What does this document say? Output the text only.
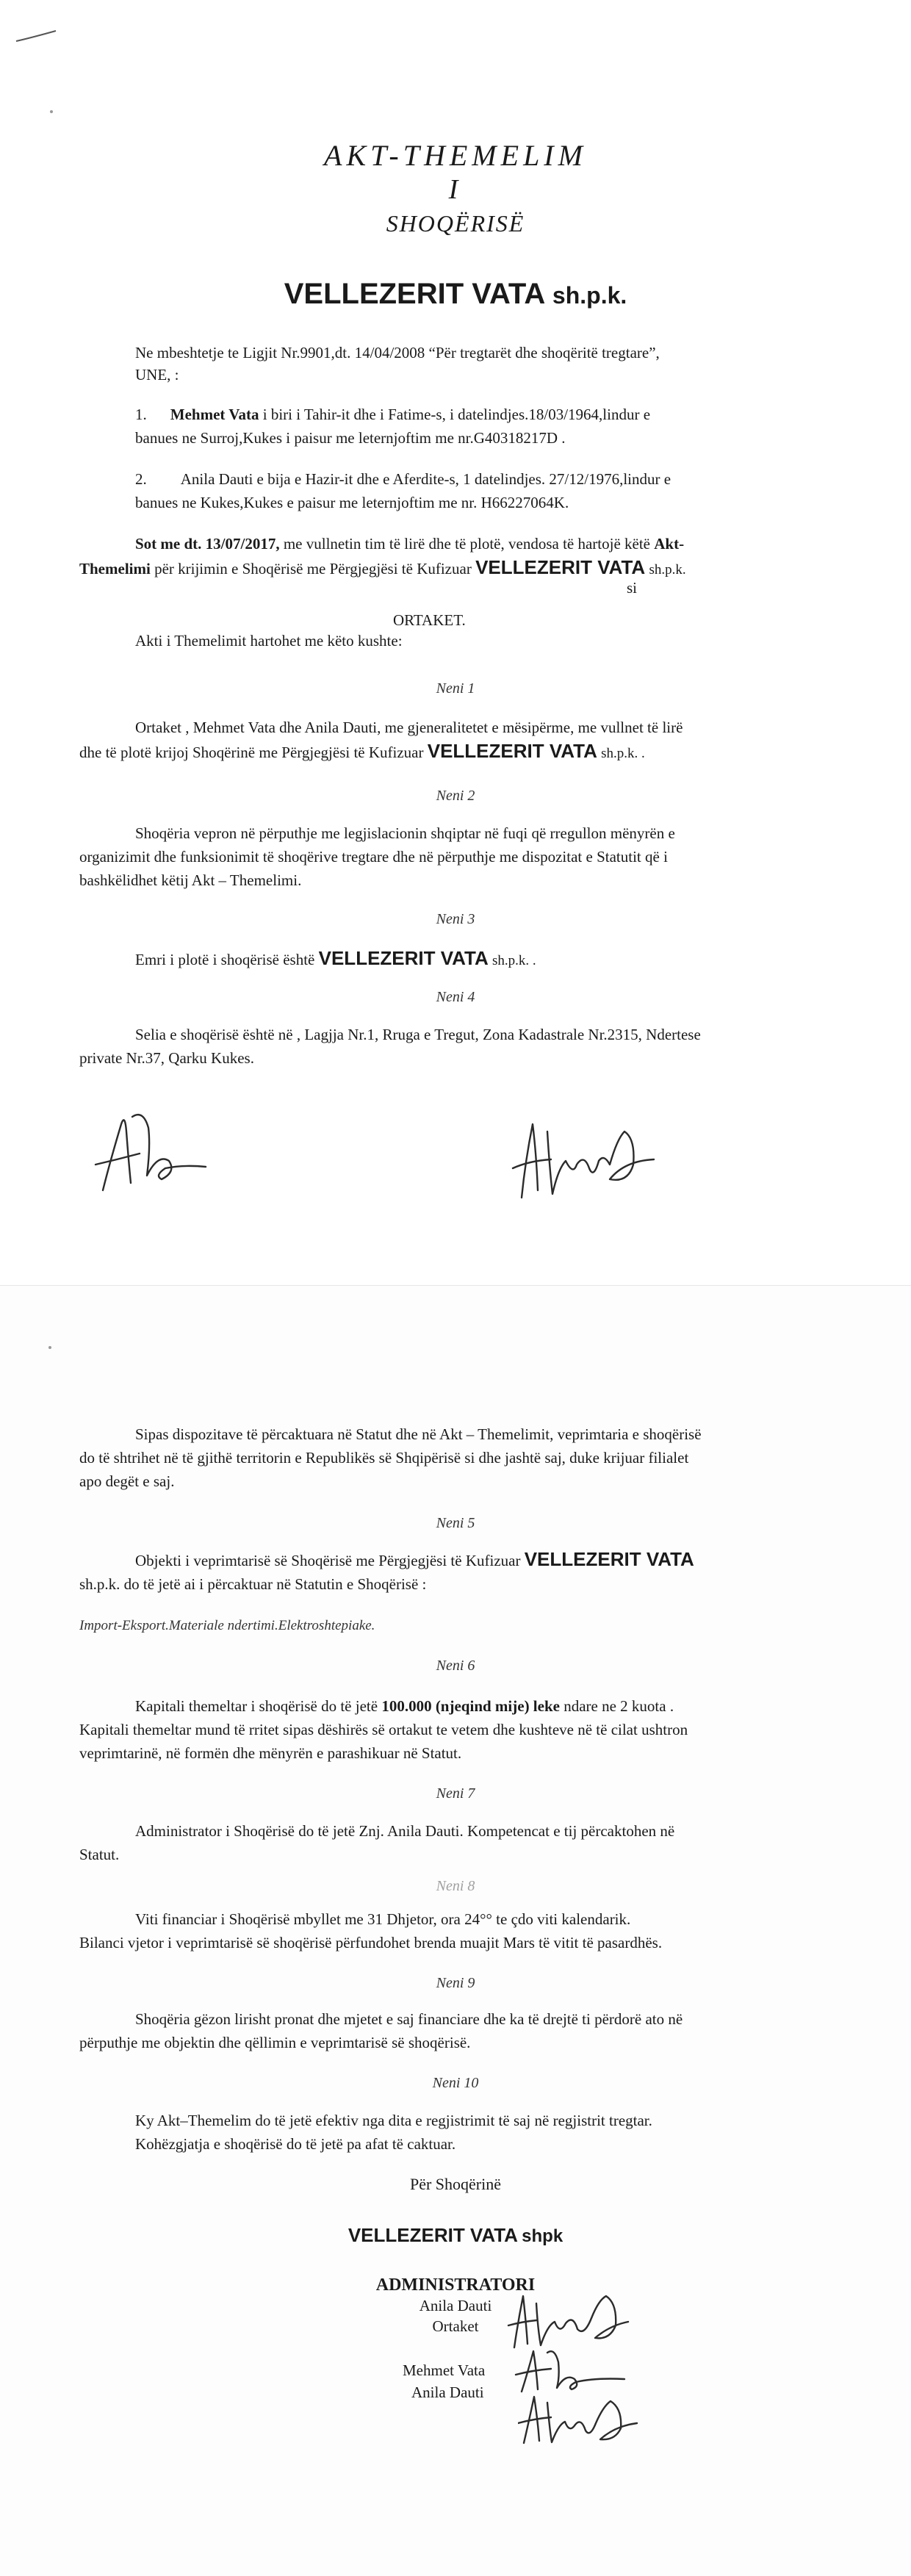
AKT-THEMELIM
I
SHOQËRISË
VELLEZERIT VATA sh.p.k.
Ne mbeshtetje te Ligjit Nr.9901,dt. 14/04/2008 “Për tregtarët dhe shoqëritë tregtare”,
UNE, :
1. Mehmet Vata i biri i Tahir-it dhe i Fatime-s, i datelindjes.18/03/1964,lindur e
banues ne Surroj,Kukes i paisur me leternjoftim me nr.G40318217D .
2. Anila Dauti e bija e Hazir-it dhe e Aferdite-s, 1 datelindjes. 27/12/1976,lindur e
banues ne Kukes,Kukes e paisur me leternjoftim me nr. H66227064K.
Sot me dt. 13/07/2017, me vullnetin tim të lirë dhe të plotë, vendosa të hartojë këtë Akt-
Themelimi për krijimin e Shoqërisë me Përgjegjësi të Kufizuar VELLEZERIT VATA sh.p.k.
si
ORTAKET.
Akti i Themelimit hartohet me këto kushte:
Neni 1
Ortaket , Mehmet Vata dhe Anila Dauti, me gjeneralitetet e mësipërme, me vullnet të lirë
dhe të plotë krijoj Shoqërinë me Përgjegjësi të Kufizuar VELLEZERIT VATA sh.p.k. .
Neni 2
Shoqëria vepron në përputhje me legjislacionin shqiptar në fuqi që rregullon mënyrën e
organizimit dhe funksionimit të shoqërive tregtare dhe në përputhje me dispozitat e Statutit që i
bashkëlidhet këtij Akt – Themelimi.
Neni 3
Emri i plotë i shoqërisë është VELLEZERIT VATA sh.p.k. .
Neni 4
Selia e shoqërisë është në , Lagjja Nr.1, Rruga e Tregut, Zona Kadastrale Nr.2315, Ndertese
private Nr.37, Qarku Kukes.
Sipas dispozitave të përcaktuara në Statut dhe në Akt – Themelimit, veprimtaria e shoqërisë
do të shtrihet në të gjithë territorin e Republikës së Shqipërisë si dhe jashtë saj, duke krijuar filialet
apo degët e saj.
Neni 5
Objekti i veprimtarisë së Shoqërisë me Përgjegjësi të Kufizuar VELLEZERIT VATA
sh.p.k. do të jetë ai i përcaktuar në Statutin e Shoqërisë :
Import-Eksport.Materiale ndertimi.Elektroshtepiake.
Neni 6
Kapitali themeltar i shoqërisë do të jetë 100.000 (njeqind mije) leke ndare ne 2 kuota .
Kapitali themeltar mund të rritet sipas dëshirës së ortakut te vetem dhe kushteve në të cilat ushtron
veprimtarinë, në formën dhe mënyrën e parashikuar në Statut.
Neni 7
Administrator i Shoqërisë do të jetë Znj. Anila Dauti. Kompetencat e tij përcaktohen në
Statut.
Neni 8
Viti financiar i Shoqërisë mbyllet me 31 Dhjetor, ora 24°° te çdo viti kalendarik.
Bilanci vjetor i veprimtarisë së shoqërisë përfundohet brenda muajit Mars të vitit të pasardhës.
Neni 9
Shoqëria gëzon lirisht pronat dhe mjetet e saj financiare dhe ka të drejtë ti përdorë ato në
përputhje me objektin dhe qëllimin e veprimtarisë së shoqërisë.
Neni 10
Ky Akt–Themelim do të jetë efektiv nga dita e regjistrimit të saj në regjistrit tregtar.
Kohëzgjatja e shoqërisë do të jetë pa afat të caktuar.
Për Shoqërinë
VELLEZERIT VATA shpk
ADMINISTRATORI
Anila Dauti
Ortaket
Mehmet Vata
Anila Dauti
